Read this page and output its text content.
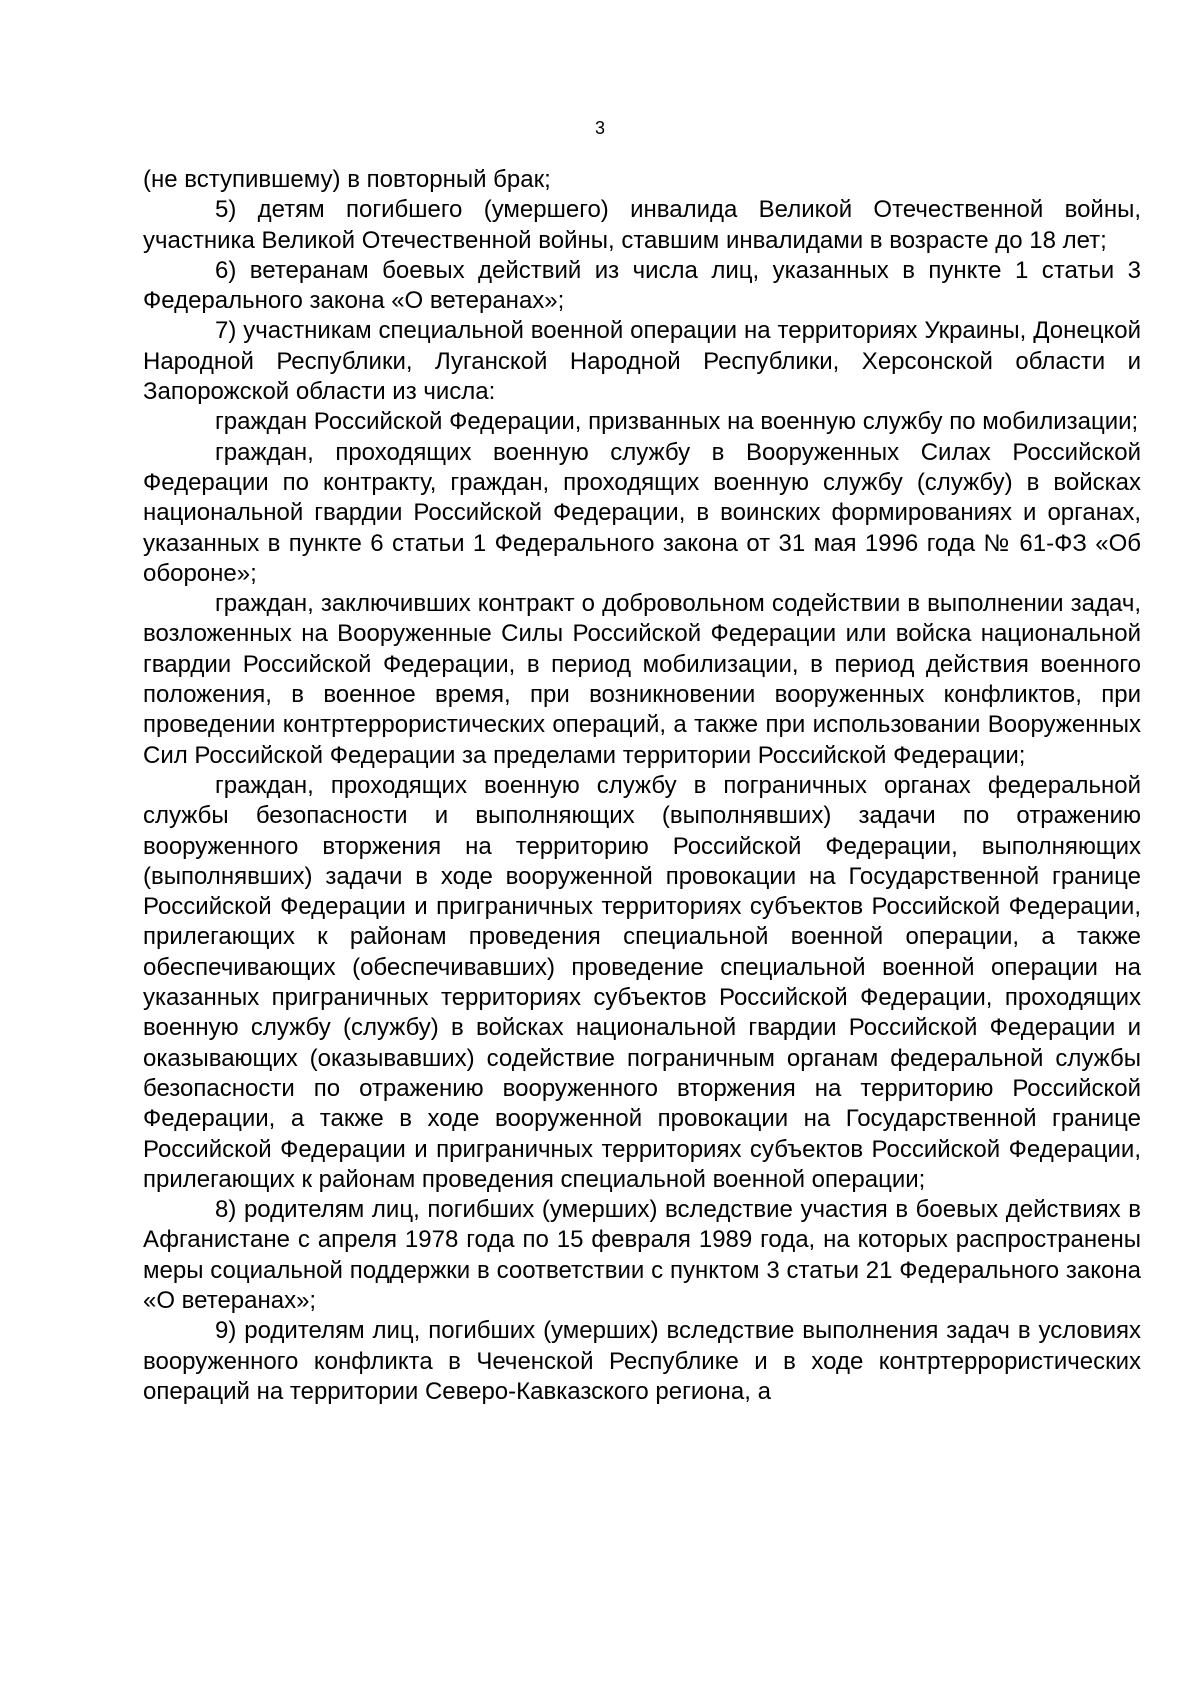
3

(не вступившему) в повторный брак;

5) детям погибшего (умершего) инвалида Великой Отечественной войны, участника Великой Отечественной войны, ставшим инвалидами в возрасте до 18 лет;

6) ветеранам боевых действий из числа лиц, указанных в пункте 1 статьи 3 Федерального закона «О ветеранах»;

7) участникам специальной военной операции на территориях Украины, Донецкой Народной Республики, Луганской Народной Республики, Херсонской области и Запорожской области из числа:

граждан Российской Федерации, призванных на военную службу по мобилизации;

граждан, проходящих военную службу в Вооруженных Силах Российской Федерации по контракту, граждан, проходящих военную службу (службу) в войсках национальной гвардии Российской Федерации, в воинских формированиях и органах, указанных в пункте 6 статьи 1 Федерального закона от 31 мая 1996 года № 61-ФЗ «Об обороне»;

граждан, заключивших контракт о добровольном содействии в выполнении задач, возложенных на Вооруженные Силы Российской Федерации или войска национальной гвардии Российской Федерации, в период мобилизации, в период действия военного положения, в военное время, при возникновении вооруженных конфликтов, при проведении контртеррористических операций, а также при использовании Вооруженных Сил Российской Федерации за пределами территории Российской Федерации;

граждан, проходящих военную службу в пограничных органах федеральной службы безопасности и выполняющих (выполнявших) задачи по отражению вооруженного вторжения на территорию Российской Федерации, выполняющих (выполнявших) задачи в ходе вооруженной провокации на Государственной границе Российской Федерации и приграничных территориях субъектов Российской Федерации, прилегающих к районам проведения специальной военной операции, а также обеспечивающих (обеспечивавших) проведение специальной военной операции на указанных приграничных территориях субъектов Российской Федерации, проходящих военную службу (службу) в войсках национальной гвардии Российской Федерации и оказывающих (оказывавших) содействие пограничным органам федеральной службы безопасности по отражению вооруженного вторжения на территорию Российской Федерации, а также в ходе вооруженной провокации на Государственной границе Российской Федерации и приграничных территориях субъектов Российской Федерации, прилегающих к районам проведения специальной военной операции;

8) родителям лиц, погибших (умерших) вследствие участия в боевых действиях в Афганистане с апреля 1978 года по 15 февраля 1989 года, на которых распространены меры социальной поддержки в соответствии с пунктом 3 статьи 21 Федерального закона «О ветеранах»;

9) родителям лиц, погибших (умерших) вследствие выполнения задач в условиях вооруженного конфликта в Чеченской Республике и в ходе контртеррористических операций на территории Северо-Кавказского региона, а
